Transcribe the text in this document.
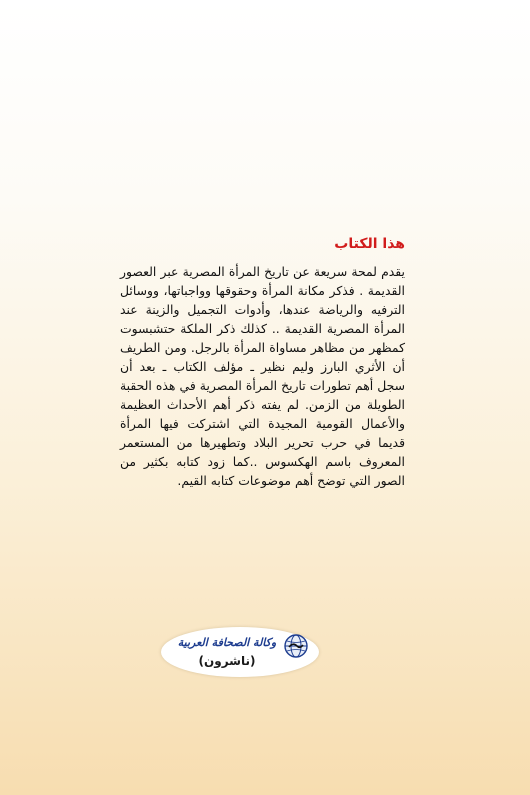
هذا الكتاب

يقدم لمحة سريعة عن تاريخ المرأة المصرية عبر العصور القديمة . فذكر مكانة المرأة وحقوقها وواجباتها، ووسائل الترفيه والرياضة عندها، وأدوات التجميل والزينة عند المرأة المصرية القديمة .. كذلك ذكر الملكة حتشبسوت كمظهر من مظاهر مساواة المرأة بالرجل. ومن الطريف أن الأثري البارز وليم نظير ـ مؤلف الكتاب ـ بعد أن سجل أهم تطورات تاريخ المرأة المصرية في هذه الحقبة الطويلة من الزمن. لم يفته ذكر أهم الأحداث العظيمة والأعمال القومية المجيدة التي اشتركت فيها المرأة قديما في حرب تحرير البلاد وتطهيرها من المستعمر المعروف باسم الهكسوس ..كما زود كتابه بكثير من الصور التي توضح أهم موضوعات كتابه القيم.

وكالة الصحافة العربية
(ناشرون)
